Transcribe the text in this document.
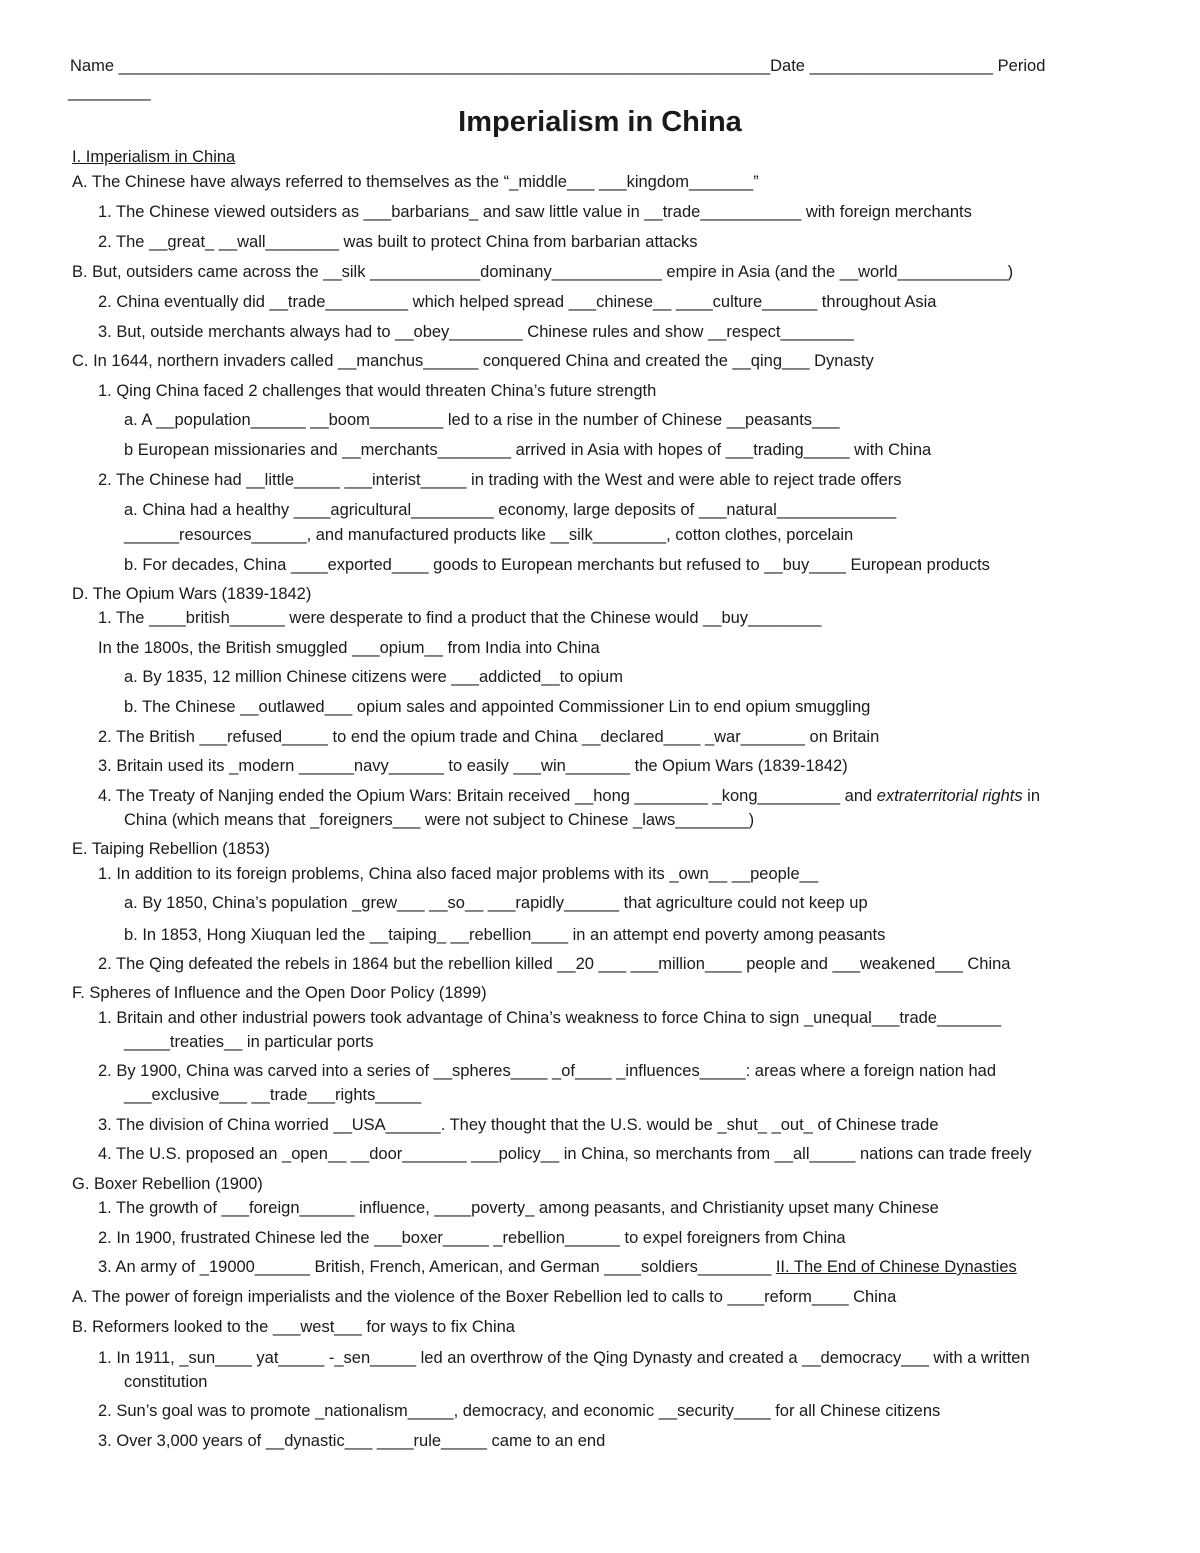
Name _______________________________________________________________________Date ____________________ Period
_________
Imperialism in China
I. Imperialism in China
A. The Chinese have always referred to themselves as the “_middle___ ___kingdom_______”
1. The Chinese viewed outsiders as ___barbarians_ and saw little value in __trade___________ with foreign merchants
2. The __great_ __wall________ was built to protect China from barbarian attacks
B. But, outsiders came across the __silk ____________dominany____________ empire in Asia (and the __world____________)
2. China eventually did __trade_________ which helped spread ___chinese__ ____culture______ throughout Asia
3. But, outside merchants always had to __obey________ Chinese rules and show __respect________
C. In 1644, northern invaders called __manchus______ conquered China and created the __qing___ Dynasty
1. Qing China faced 2 challenges that would threaten China’s future strength
a. A __population______ __boom________ led to a rise in the number of Chinese __peasants___
b European missionaries and __merchants________ arrived in Asia with hopes of ___trading_____ with China
2. The Chinese had __little_____ ___interist_____ in trading with the West and were able to reject trade offers
a. China had a healthy ____agricultural_________ economy, large deposits of ___natural_____________
______resources______, and manufactured products like __silk________, cotton clothes, porcelain
b. For decades, China ____exported____ goods to European merchants but refused to __buy____ European products
D. The Opium Wars (1839-1842)
1. The ____british______ were desperate to find a product that the Chinese would __buy________
In the 1800s, the British smuggled ___opium__ from India into China
a. By 1835, 12 million Chinese citizens were ___addicted__to opium
b. The Chinese __outlawed___ opium sales and appointed Commissioner Lin to end opium smuggling
2. The British ___refused_____ to end the opium trade and China __declared____ _war_______ on Britain
3. Britain used its _modern ______navy______ to easily ___win_______ the Opium Wars (1839-1842)
4. The Treaty of Nanjing ended the Opium Wars: Britain received __hong ________ _kong_________ and extraterritorial rights in
China (which means that _foreigners___ were not subject to Chinese _laws________)
E. Taiping Rebellion (1853)
1. In addition to its foreign problems, China also faced major problems with its _own__ __people__
a. By 1850, China’s population _grew___ __so__ ___rapidly______ that agriculture could not keep up
b. In 1853, Hong Xiuquan led the __taiping_ __rebellion____ in an attempt end poverty among peasants
2. The Qing defeated the rebels in 1864 but the rebellion killed __20 ___ ___million____ people and ___weakened___ China
F. Spheres of Influence and the Open Door Policy (1899)
1. Britain and other industrial powers took advantage of China’s weakness to force China to sign _unequal___trade_______
_____treaties__ in particular ports
2. By 1900, China was carved into a series of __spheres____ _of____ _influences_____: areas where a foreign nation had
___exclusive___ __trade___rights_____
3. The division of China worried __USA______. They thought that the U.S. would be _shut_ _out_ of Chinese trade
4. The U.S. proposed an _open__ __door_______ ___policy__ in China, so merchants from __all_____ nations can trade freely
G. Boxer Rebellion (1900)
1. The growth of ___foreign______ influence, ____poverty_ among peasants, and Christianity upset many Chinese
2. In 1900, frustrated Chinese led the ___boxer_____ _rebellion______ to expel foreigners from China
3. An army of _19000______ British, French, American, and German ____soldiers________ II. The End of Chinese Dynasties
A. The power of foreign imperialists and the violence of the Boxer Rebellion led to calls to ____reform____ China
B. Reformers looked to the ___west___ for ways to fix China
1. In 1911, _sun____ yat_____ -_sen_____ led an overthrow of the Qing Dynasty and created a __democracy___ with a written
constitution
2. Sun’s goal was to promote _nationalism_____, democracy, and economic __security____ for all Chinese citizens
3. Over 3,000 years of __dynastic___ ____rule_____ came to an end
